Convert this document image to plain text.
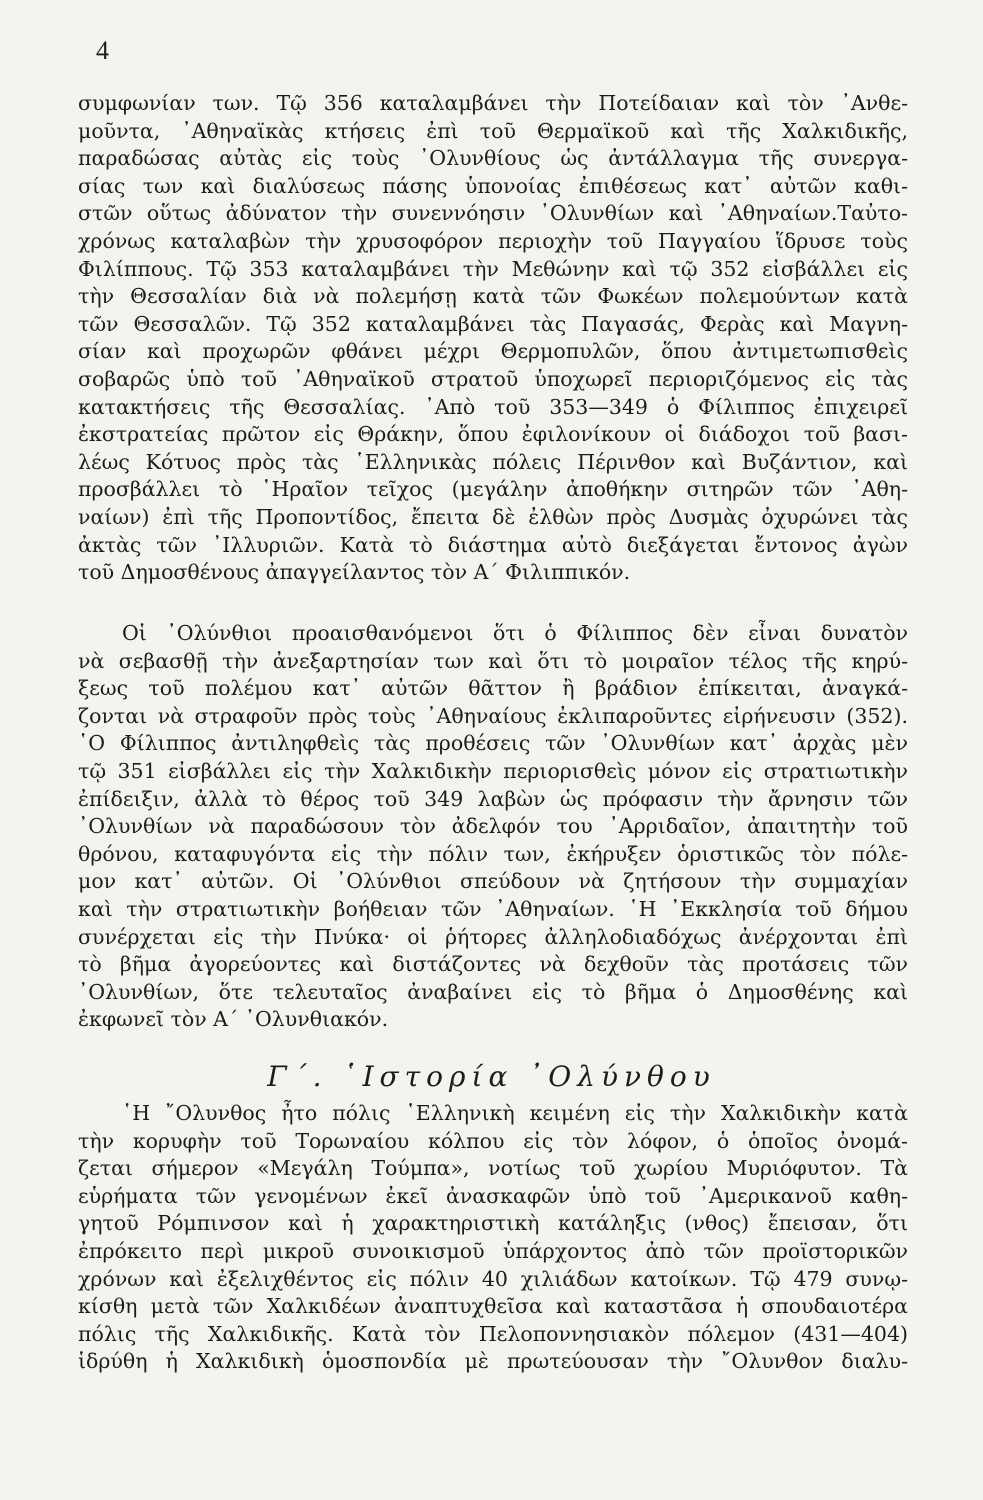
4
συμφωνίαν των. Τῷ 356 καταλαμβάνει τὴν Ποτείδαιαν καὶ τὸν ᾿Ανθε-
μοῦντα, ᾿Αθηναϊκὰς κτήσεις ἐπὶ τοῦ Θερμαϊκοῦ καὶ τῆς Χαλκιδικῆς,
παραδώσας αὐτὰς εἰς τοὺς ᾿Ολυνθίους ὡς ἀντάλλαγμα τῆς συνεργα-
σίας των καὶ διαλύσεως πάσης ὑπονοίας ἐπιθέσεως κατ᾿ αὐτῶν καθι-
στῶν οὕτως ἀδύνατον τὴν συνεννόησιν ᾿Ολυνθίων καὶ ᾿Αθηναίων.Ταὐτο-
χρόνως καταλαβὼν τὴν χρυσοφόρον περιοχὴν τοῦ Παγγαίου ἵδρυσε τοὺς
Φιλίππους. Τῷ 353 καταλαμβάνει τὴν Μεθώνην καὶ τῷ 352 εἰσβάλλει εἰς
τὴν Θεσσαλίαν διὰ νὰ πολεμήσῃ κατὰ τῶν Φωκέων πολεμούντων κατὰ
τῶν Θεσσαλῶν. Τῷ 352 καταλαμβάνει τὰς Παγασάς, Φερὰς καὶ Μαγνη-
σίαν καὶ προχωρῶν φθάνει μέχρι Θερμοπυλῶν, ὅπου ἀντιμετωπισθεὶς
σοβαρῶς ὑπὸ τοῦ ᾿Αθηναϊκοῦ στρατοῦ ὑποχωρεῖ περιοριζόμενος εἰς τὰς
κατακτήσεις τῆς Θεσσαλίας. ᾿Απὸ τοῦ 353—349 ὁ Φίλιππος ἐπιχειρεῖ
ἐκστρατείας πρῶτον εἰς Θράκην, ὅπου ἐφιλονίκουν οἱ διάδοχοι τοῦ βασι-
λέως Κότυος πρὸς τὰς ῾Ελληνικὰς πόλεις Πέρινθον καὶ Βυζάντιον, καὶ
προσβάλλει τὸ ῾Ηραῖον τεῖχος (μεγάλην ἀποθήκην σιτηρῶν τῶν ᾿Αθη-
ναίων) ἐπὶ τῆς Προποντίδος, ἔπειτα δὲ ἐλθὼν πρὸς Δυσμὰς ὀχυρώνει τὰς
ἀκτὰς τῶν ᾿Ιλλυριῶν. Κατὰ τὸ διάστημα αὐτὸ διεξάγεται ἔντονος ἀγὼν
τοῦ Δημοσθένους ἀπαγγείλαντος τὸν Α΄ Φιλιππικόν.
Οἱ ᾿Ολύνθιοι προαισθανόμενοι ὅτι ὁ Φίλιππος δὲν εἶναι δυνατὸν
νὰ σεβασθῇ τὴν ἀνεξαρτησίαν των καὶ ὅτι τὸ μοιραῖον τέλος τῆς κηρύ-
ξεως τοῦ πολέμου κατ᾿ αὐτῶν θᾶττον ἢ βράδιον ἐπίκειται, ἀναγκά-
ζονται νὰ στραφοῦν πρὸς τοὺς ᾿Αθηναίους ἐκλιπαροῦντες εἰρήνευσιν (352).
῾Ο Φίλιππος ἀντιληφθεὶς τὰς προθέσεις τῶν ᾿Ολυνθίων κατ᾿ ἀρχὰς μὲν
τῷ 351 εἰσβάλλει εἰς τὴν Χαλκιδικὴν περιορισθεὶς μόνον εἰς στρατιωτικὴν
ἐπίδειξιν, ἀλλὰ τὸ θέρος τοῦ 349 λαβὼν ὡς πρόφασιν τὴν ἄρνησιν τῶν
᾿Ολυνθίων νὰ παραδώσουν τὸν ἀδελφόν του ᾿Αρριδαῖον, ἀπαιτητὴν τοῦ
θρόνου, καταφυγόντα εἰς τὴν πόλιν των, ἐκήρυξεν ὁριστικῶς τὸν πόλε-
μον κατ᾿ αὐτῶν. Οἱ ᾿Ολύνθιοι σπεύδουν νὰ ζητήσουν τὴν συμμαχίαν
καὶ τὴν στρατιωτικὴν βοήθειαν τῶν ᾿Αθηναίων. ῾Η ᾿Εκκλησία τοῦ δήμου
συνέρχεται εἰς τὴν Πνύκα· οἱ ῥήτορες ἀλληλοδιαδόχως ἀνέρχονται ἐπὶ
τὸ βῆμα ἀγορεύοντες καὶ διστάζοντες νὰ δεχθοῦν τὰς προτάσεις τῶν
᾿Ολυνθίων, ὅτε τελευταῖος ἀναβαίνει εἰς τὸ βῆμα ὁ Δημοσθένης καὶ
ἐκφωνεῖ τὸν Α΄ ᾿Ολυνθιακόν.
Γ΄. ῾Ιστορία ᾿Ολύνθου
῾Η ῎Ολυνθος ἦτο πόλις ῾Ελληνικὴ κειμένη εἰς τὴν Χαλκιδικὴν κατὰ
τὴν κορυφὴν τοῦ Τορωναίου κόλπου εἰς τὸν λόφον, ὁ ὁποῖος ὀνομά-
ζεται σήμερον «Μεγάλη Τούμπα», νοτίως τοῦ χωρίου Μυριόφυτον. Τὰ
εὑρήματα τῶν γενομένων ἐκεῖ ἀνασκαφῶν ὑπὸ τοῦ ᾿Αμερικανοῦ καθη-
γητοῦ Ρόμπινσον καὶ ἡ χαρακτηριστικὴ κατάληξις (νθος) ἔπεισαν, ὅτι
ἐπρόκειτο περὶ μικροῦ συνοικισμοῦ ὑπάρχοντος ἀπὸ τῶν προϊστορικῶν
χρόνων καὶ ἐξελιχθέντος εἰς πόλιν 40 χιλιάδων κατοίκων. Τῷ 479 συνῳ-
κίσθη μετὰ τῶν Χαλκιδέων ἀναπτυχθεῖσα καὶ καταστᾶσα ἡ σπουδαιοτέρα
πόλις τῆς Χαλκιδικῆς. Κατὰ τὸν Πελοποννησιακὸν πόλεμον (431—404)
ἱδρύθη ἡ Χαλκιδικὴ ὁμοσπονδία μὲ πρωτεύουσαν τὴν ῎Ολυνθον διαλυ-
